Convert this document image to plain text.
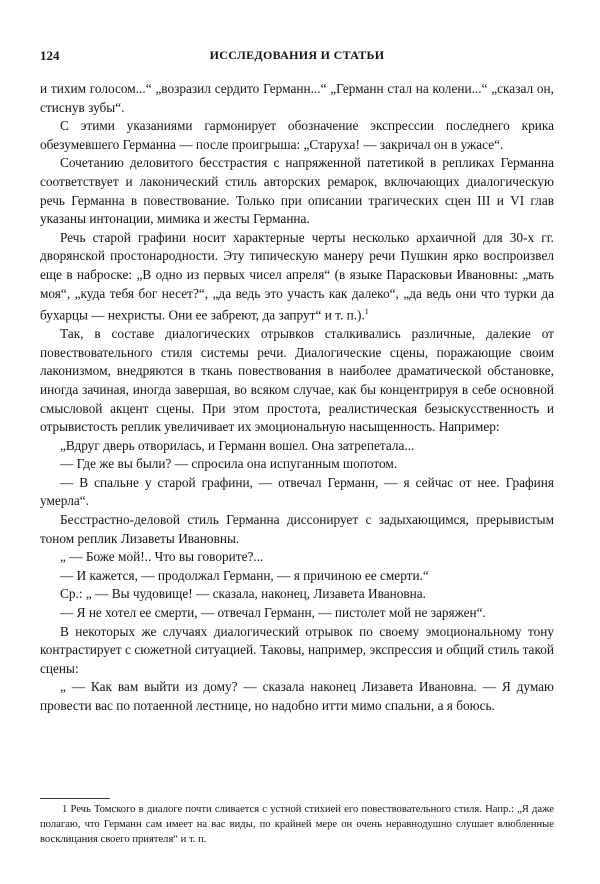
124	ИССЛЕДОВАНИЯ И СТАТЬИ

и тихим голосом...“ „возразил сердито Германн...“ „Германн стал на колени...“ „сказал он, стиснув зубы“.

С этими указаниями гармонирует обозначение экспрессии последнего крика обезумевшего Германна — после проигрыша: „Старуха! — закричал он в ужасе“.

Сочетанию деловитого бесстрастия с напряженной патетикой в репликах Германна соответствует и лаконический стиль авторских ремарок, включающих диалогическую речь Германна в повествование. Только при описании трагических сцен III и VI глав указаны интонации, мимика и жесты Германна.

Речь старой графини носит характерные черты несколько архаичной для 30-х гг. дворянской простонародности. Эту типическую манеру речи Пушкин ярко воспроизвел еще в наброске: „В одно из первых чисел апреля“ (в языке Парасковьи Ивановны: „мать моя“, „куда тебя бог несет?“, „да ведь это участь как далеко“, „да ведь они что турки да бухарцы — нехристы. Они ее забреют, да запрут“ и т. п.).$^1$

Так, в составе диалогических отрывков сталкивались различные, далекие от повествовательного стиля системы речи. Диалогические сцены, поражающие своим лаконизмом, внедряются в ткань повествования в наиболее драматической обстановке, иногда зачиная, иногда завершая, во всяком случае, как бы концентрируя в себе основной смысловой акцент сцены. При этом простота, реалистическая безыскусственность и отрывистость реплик увеличивает их эмоциональную насыщенность. Например:

„Вдруг дверь отворилась, и Германн вошел. Она затрепетала...

— Где же вы были? — спросила она испуганным шопотом.

— В спальне у старой графини, — отвечал Германн, — я сейчас от нее. Графиня умерла“.

Бесстрастно-деловой стиль Германна диссонирует с задыхающимся, прерывистым тоном реплик Лизаветы Ивановны.

„ — Боже мой!.. Что вы говорите?...

— И кажется, — продолжал Германн, — я причиною ее смерти.“

Ср.: „ — Вы чудовище! — сказала, наконец, Лизавета Ивановна.

— Я не хотел ее смерти, — отвечал Германн, — пистолет мой не заряжен“.

В некоторых же случаях диалогический отрывок по своему эмоциональному тону контрастирует с сюжетной ситуацией. Таковы, например, экспрессия и общий стиль такой сцены:

„ — Как вам выйти из дому? — сказала наконец Лизавета Ивановна. — Я думаю провести вас по потаенной лестнице, но надобно итти мимо спальни, а я боюсь.

1 Речь Томского в диалоге почти сливается с устной стихией его повествовательного стиля. Напр.: „Я даже полагаю, что Германн сам имеет на вас виды, по крайней мере он очень неравнодушно слушает влюбленные восклицания своего приятеля“ и т. п.
